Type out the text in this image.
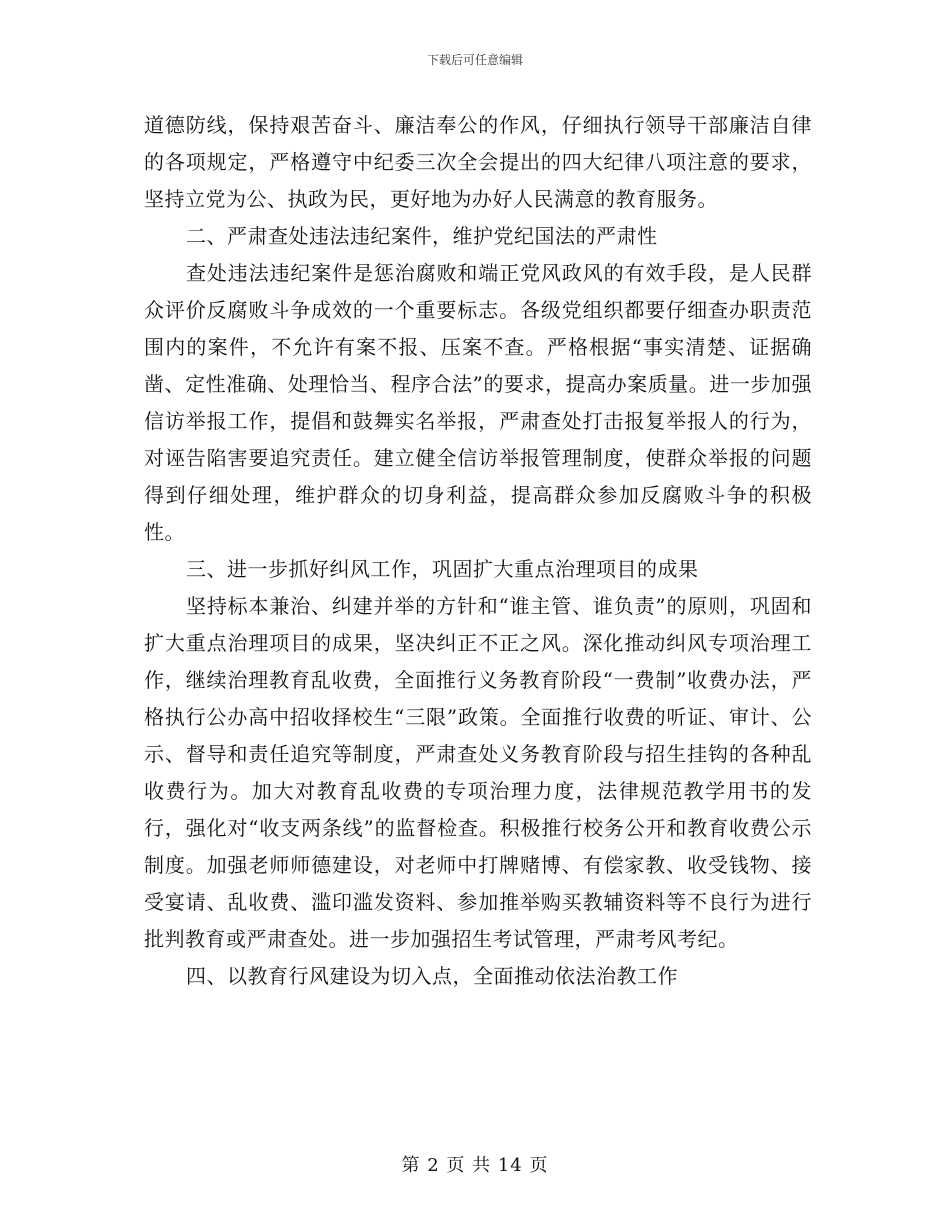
下载后可任意编辑

道德防线，保持艰苦奋斗、廉洁奉公的作风，仔细执行领导干部廉洁自律的各项规定，严格遵守中纪委三次全会提出的四大纪律八项注意的要求，坚持立党为公、执政为民，更好地为办好人民满意的教育服务。

二、严肃查处违法违纪案件，维护党纪国法的严肃性

查处违法违纪案件是惩治腐败和端正党风政风的有效手段，是人民群众评价反腐败斗争成效的一个重要标志。各级党组织都要仔细查办职责范围内的案件，不允许有案不报、压案不查。严格根据“事实清楚、证据确凿、定性准确、处理恰当、程序合法”的要求，提高办案质量。进一步加强信访举报工作，提倡和鼓舞实名举报，严肃查处打击报复举报人的行为，对诬告陷害要追究责任。建立健全信访举报管理制度，使群众举报的问题得到仔细处理，维护群众的切身利益，提高群众参加反腐败斗争的积极性。

三、进一步抓好纠风工作，巩固扩大重点治理项目的成果

坚持标本兼治、纠建并举的方针和“谁主管、谁负责”的原则，巩固和扩大重点治理项目的成果，坚决纠正不正之风。深化推动纠风专项治理工作，继续治理教育乱收费，全面推行义务教育阶段“一费制”收费办法，严格执行公办高中招收择校生“三限”政策。全面推行收费的听证、审计、公示、督导和责任追究等制度，严肃查处义务教育阶段与招生挂钩的各种乱收费行为。加大对教育乱收费的专项治理力度，法律规范教学用书的发行，强化对“收支两条线”的监督检查。积极推行校务公开和教育收费公示制度。加强老师师德建设，对老师中打牌赌博、有偿家教、收受钱物、接受宴请、乱收费、滥印滥发资料、参加推举购买教辅资料等不良行为进行批判教育或严肃查处。进一步加强招生考试管理，严肃考风考纪。

四、以教育行风建设为切入点，全面推动依法治教工作

第 2 页 共 14 页
